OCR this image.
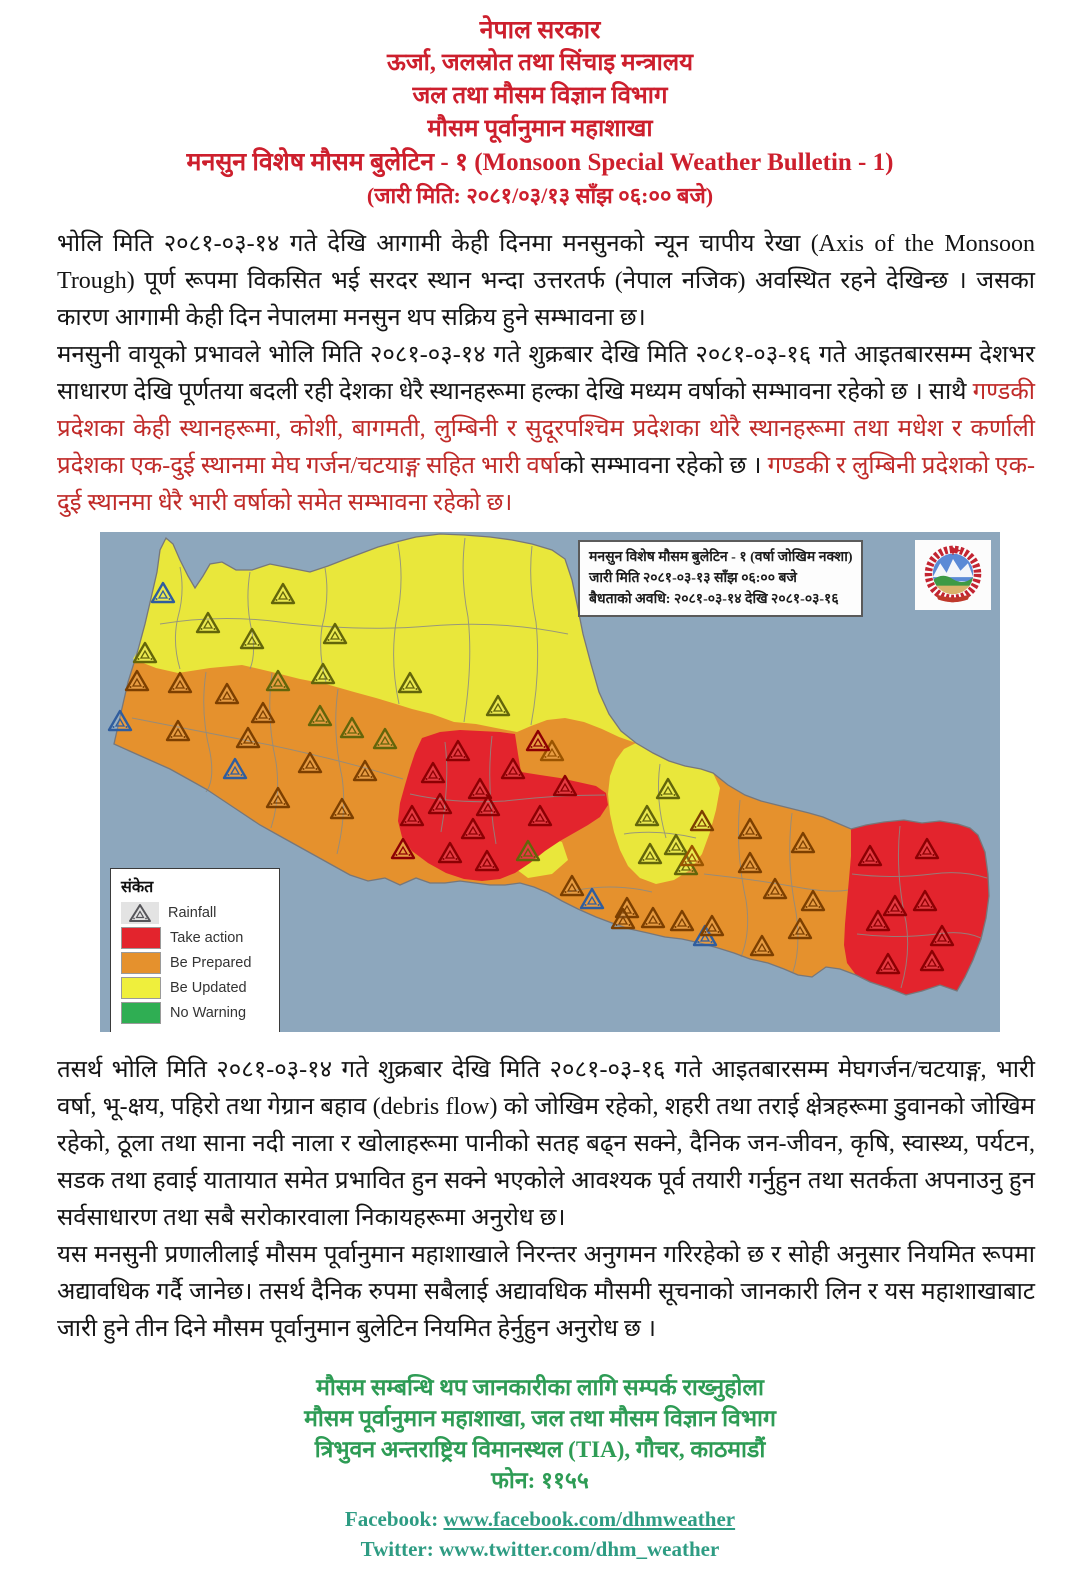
नेपाल सरकार
ऊर्जा, जलस्रोत तथा सिंचाइ मन्त्रालय
जल तथा मौसम विज्ञान विभाग
मौसम पूर्वानुमान महाशाखा
मनसुन विशेष मौसम बुलेटिन - १ (Monsoon Special Weather Bulletin - 1)
(जारी मिति: २०८१/०३/१३ साँझ ०६:०० बजे)

भोलि मिति २०८१-०३-१४ गते देखि आगामी केही दिनमा मनसुनको न्यून चापीय रेखा (Axis of the Monsoon Trough) पूर्ण रूपमा विकसित भई सरदर स्थान भन्दा उत्तरतर्फ (नेपाल नजिक) अवस्थित रहने देखिन्छ । जसका कारण आगामी केही दिन नेपालमा मनसुन थप सक्रिय हुने सम्भावना छ।

मनसुनी वायूको प्रभावले भोलि मिति २०८१-०३-१४ गते शुक्रबार देखि मिति २०८१-०३-१६ गते आइतबारसम्म देशभर साधारण देखि पूर्णतया बदली रही देशका धेरै स्थानहरूमा हल्का देखि मध्यम वर्षाको सम्भावना रहेको छ । साथै गण्डकी प्रदेशका केही स्थानहरूमा, कोशी, बागमती, लुम्बिनी र सुदूरपश्चिम प्रदेशका थोरै स्थानहरूमा तथा मधेश र कर्णाली प्रदेशका एक-दुई स्थानमा मेघ गर्जन/चटयाङ्ग सहित भारी वर्षाको सम्भावना रहेको छ । गण्डकी र लुम्बिनी प्रदेशको एक-दुई स्थानमा धेरै भारी वर्षाको समेत सम्भावना रहेको छ।

मनसुन विशेष मौसम बुलेटिन - १ (वर्षा जोखिम नक्शा)
जारी मिति २०८१-०३-१३ साँझ ०६:०० बजे
बैधताको अवधि: २०८१-०३-१४ देखि २०८१-०३-१६
संकेत
Rainfall
Take action
Be Prepared
Be Updated
No Warning

तसर्थ भोलि मिति २०८१-०३-१४ गते शुक्रबार देखि मिति २०८१-०३-१६ गते आइतबारसम्म मेघगर्जन/चटयाङ्ग, भारी वर्षा, भू-क्षय, पहिरो तथा गेग्रान बहाव (debris flow) को जोखिम रहेको, शहरी तथा तराई क्षेत्रहरूमा डुवानको जोखिम रहेको, ठूला तथा साना नदी नाला र खोलाहरूमा पानीको सतह बढ्न सक्ने, दैनिक जन-जीवन, कृषि, स्वास्थ्य, पर्यटन, सडक तथा हवाई यातायात समेत प्रभावित हुन सक्ने भएकोले आवश्यक पूर्व तयारी गर्नुहुन तथा सतर्कता अपनाउनु हुन सर्वसाधारण तथा सबै सरोकारवाला निकायहरूमा अनुरोध छ।

यस मनसुनी प्रणालीलाई मौसम पूर्वानुमान महाशाखाले निरन्तर अनुगमन गरिरहेको छ र सोही अनुसार नियमित रूपमा अद्यावधिक गर्दै जानेछ। तसर्थ दैनिक रुपमा सबैलाई अद्यावधिक मौसमी सूचनाको जानकारी लिन र यस महाशाखाबाट जारी हुने तीन दिने मौसम पूर्वानुमान बुलेटिन नियमित हेर्नुहुन अनुरोध छ ।

मौसम सम्बन्धि थप जानकारीका लागि सम्पर्क राख्नुहोला
मौसम पूर्वानुमान महाशाखा, जल तथा मौसम विज्ञान विभाग
त्रिभुवन अन्तराष्ट्रिय विमानस्थल (TIA), गौचर, काठमाडौं
फोन: ११५५
Facebook: www.facebook.com/dhmweather
Twitter: www.twitter.com/dhm_weather
